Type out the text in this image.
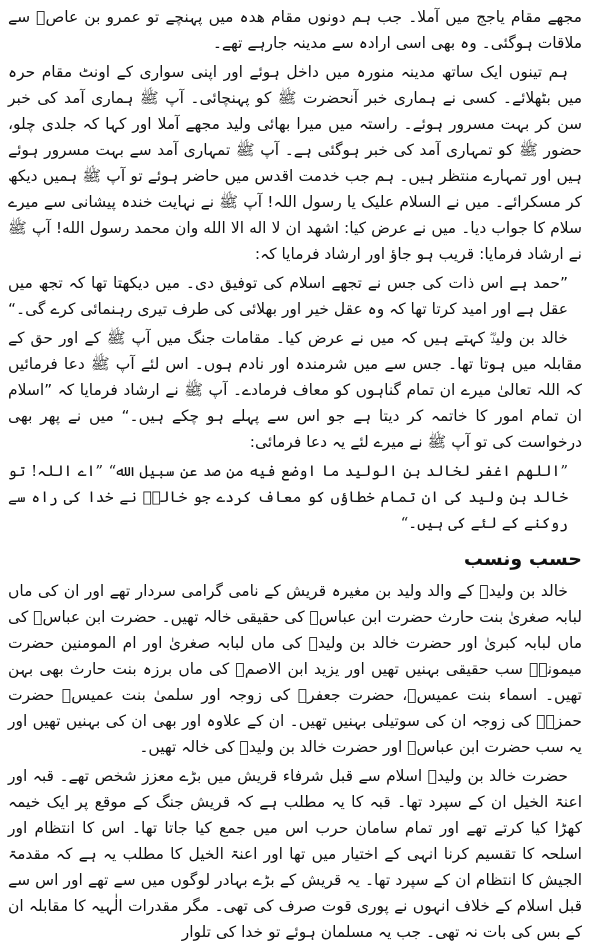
مجھے مقام یاجج میں آملا۔ جب ہم دونوں مقام ھدہ میں پہنچے تو عمرو بن عاصؓ سے ملاقات ہوگئی۔ وہ بھی اسی ارادہ سے مدینہ جارہے تھے۔

ہم تینوں ایک ساتھ مدینہ منورہ میں داخل ہوئے اور اپنی سواری کے اونٹ مقام حرہ میں بٹھلائے۔ کسی نے ہماری خبر آنحضرت ﷺ کو پہنچائی۔ آپ ﷺ ہماری آمد کی خبر سن کر بہت مسرور ہوئے۔ راستہ میں میرا بھائی ولید مجھے آملا اور کہا کہ جلدی چلو، حضور ﷺ کو تمہاری آمد کی خبر ہوگئی ہے۔ آپ ﷺ تمہاری آمد سے بہت مسرور ہوئے ہیں اور تمہارے منتظر ہیں۔ ہم جب خدمت اقدس میں حاضر ہوئے تو آپ ﷺ ہمیں دیکھ کر مسکرائے۔ میں نے السلام علیک یا رسول اللہ! آپ ﷺ نے نہایت خندہ پیشانی سے میرے سلام کا جواب دیا۔ میں نے عرض کیا: اشهد ان لا اله الا الله وان محمد رسول الله! آپ ﷺ نے ارشاد فرمایا: قریب ہو جاؤ اور ارشاد فرمایا کہ:

”حمد ہے اس ذات کی جس نے تجھے اسلام کی توفیق دی۔ میں دیکھتا تھا کہ تجھ میں عقل ہے اور امید کرتا تھا کہ وہ عقل خیر اور بھلائی کی طرف تیری رہنمائی کرے گی۔“

خالد بن ولیدؓ کہتے ہیں کہ میں نے عرض کیا۔ مقامات جنگ میں آپ ﷺ کے اور حق کے مقابلہ میں ہوتا تھا۔ جس سے میں شرمندہ اور نادم ہوں۔ اس لئے آپ ﷺ دعا فرمائیں کہ اللہ تعالیٰ میرے ان تمام گناہوں کو معاف فرمادے۔ آپ ﷺ نے ارشاد فرمایا کہ ”اسلام ان تمام امور کا خاتمہ کر دیتا ہے جو اس سے پہلے ہو چکے ہیں۔“ میں نے پھر بھی درخواست کی تو آپ ﷺ نے میرے لئے یہ دعا فرمائی:

”اللهم اغفر لخالد بن الوليد ما اوضع فيه من صد عن سبيل الله“ ”اے اللہ! تو خالد بن ولید کی ان تمام خطاؤں کو معاف کردے جو خالدؓ نے خدا کی راہ سے روکنے کے لئے کی ہیں۔“

حسب ونسب

خالد بن ولیدؓ کے والد ولید بن مغیرہ قریش کے نامی گرامی سردار تھے اور ان کی ماں لبابہ صغریٰ بنت حارث حضرت ابن عباسؓ کی حقیقی خالہ تھیں۔ حضرت ابن عباسؓ کی ماں لبابہ کبریٰ اور حضرت خالد بن ولیدؓ کی ماں لبابہ صغریٰ اور ام المومنین حضرت میمونہؓ سب حقیقی بہنیں تھیں اور یزید ابن الاصمؓ کی ماں برزہ بنت حارث بھی بہن تھیں۔ اسماء بنت عمیسؓ، حضرت جعفرؓ کی زوجہ اور سلمیٰ بنت عمیسؓ حضرت حمزہؓ کی زوجہ ان کی سوتیلی بہنیں تھیں۔ ان کے علاوہ اور بھی ان کی بہنیں تھیں اور یہ سب حضرت ابن عباسؓ اور حضرت خالد بن ولیدؓ کی خالہ تھیں۔

حضرت خالد بن ولیدؓ اسلام سے قبل شرفاء قریش میں بڑے معزز شخص تھے۔ قبہ اور اعنۃ الخیل ان کے سپرد تھا۔ قبہ کا یہ مطلب ہے کہ قریش جنگ کے موقع پر ایک خیمہ کھڑا کیا کرتے تھے اور تمام سامان حرب اس میں جمع کیا جاتا تھا۔ اس کا انتظام اور اسلحہ کا تقسیم کرنا انہی کے اختیار میں تھا اور اعنۃ الخیل کا مطلب یہ ہے کہ مقدمۃ الجیش کا انتظام ان کے سپرد تھا۔ یہ قریش کے بڑے بہادر لوگوں میں سے تھے اور اس سے قبل اسلام کے خلاف انہوں نے پوری قوت صرف کی تھی۔ مگر مقدرات الٰہیہ کا مقابلہ ان کے بس کی بات نہ تھی۔ جب یہ مسلمان ہوئے تو خدا کی تلوار
